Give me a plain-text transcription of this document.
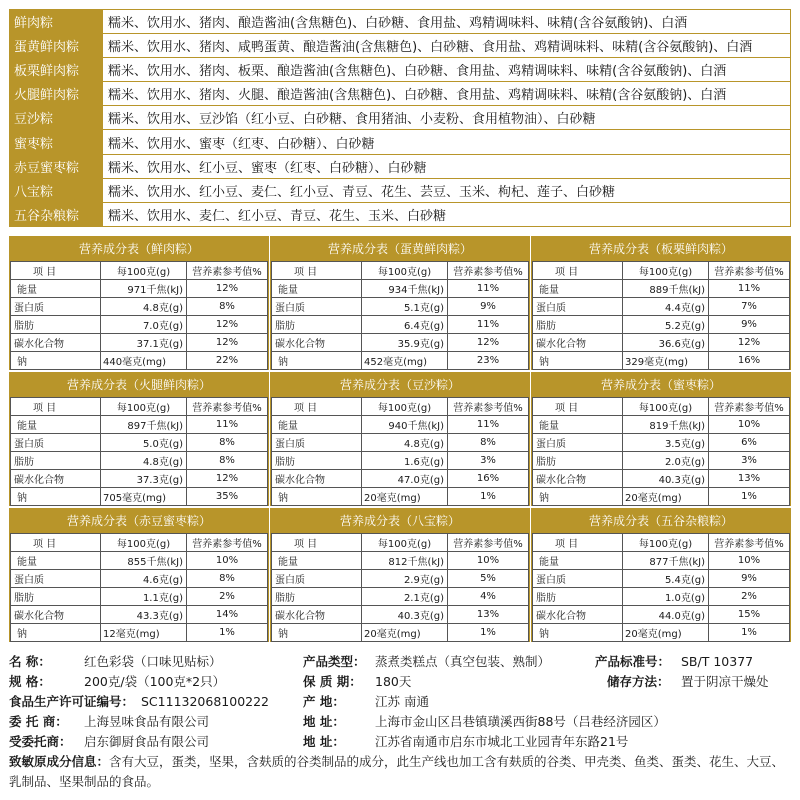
鲜肉粽	糯米、饮用水、猪肉、酿造酱油(含焦糖色)、白砂糖、食用盐、鸡精调味料、味精(含谷氨酸钠)、白酒
蛋黄鲜肉粽	糯米、饮用水、猪肉、咸鸭蛋黄、酿造酱油(含焦糖色)、白砂糖、食用盐、鸡精调味料、味精(含谷氨酸钠)、白酒
板栗鲜肉粽	糯米、饮用水、猪肉、板栗、酿造酱油(含焦糖色)、白砂糖、食用盐、鸡精调味料、味精(含谷氨酸钠)、白酒
火腿鲜肉粽	糯米、饮用水、猪肉、火腿、酿造酱油(含焦糖色)、白砂糖、食用盐、鸡精调味料、味精(含谷氨酸钠)、白酒
豆沙粽	糯米、饮用水、豆沙馅（红小豆、白砂糖、食用猪油、小麦粉、食用植物油）、白砂糖
蜜枣粽	糯米、饮用水、蜜枣（红枣、白砂糖）、白砂糖
赤豆蜜枣粽	糯米、饮用水、红小豆、蜜枣（红枣、白砂糖）、白砂糖
八宝粽	糯米、饮用水、红小豆、麦仁、红小豆、青豆、花生、芸豆、玉米、枸杞、莲子、白砂糖
五谷杂粮粽	糯米、饮用水、麦仁、红小豆、青豆、花生、玉米、白砂糖
营养成分表（鲜肉粽）
项 目	每100克(g)	营养素参考值%
能量	971千焦(kJ)	12%
蛋白质	4.8克(g)	8%
脂肪	7.0克(g)	12%
碳水化合物	37.1克(g)	12%
钠	440毫克(mg)	22%
营养成分表（蛋黄鲜肉粽）
项 目	每100克(g)	营养素参考值%
能量	934千焦(kJ)	11%
蛋白质	5.1克(g)	9%
脂肪	6.4克(g)	11%
碳水化合物	35.9克(g)	12%
钠	452毫克(mg)	23%
营养成分表（板栗鲜肉粽）
项 目	每100克(g)	营养素参考值%
能量	889千焦(kJ)	11%
蛋白质	4.4克(g)	7%
脂肪	5.2克(g)	9%
碳水化合物	36.6克(g)	12%
钠	329毫克(mg)	16%
营养成分表（火腿鲜肉粽）
项 目	每100克(g)	营养素参考值%
能量	897千焦(kJ)	11%
蛋白质	5.0克(g)	8%
脂肪	4.8克(g)	8%
碳水化合物	37.3克(g)	12%
钠	705毫克(mg)	35%
营养成分表（豆沙粽）
项 目	每100克(g)	营养素参考值%
能量	940千焦(kJ)	11%
蛋白质	4.8克(g)	8%
脂肪	1.6克(g)	3%
碳水化合物	47.0克(g)	16%
钠	20毫克(mg)	1%
营养成分表（蜜枣粽）
项 目	每100克(g)	营养素参考值%
能量	819千焦(kJ)	10%
蛋白质	3.5克(g)	6%
脂肪	2.0克(g)	3%
碳水化合物	40.3克(g)	13%
钠	20毫克(mg)	1%
营养成分表（赤豆蜜枣粽）
项 目	每100克(g)	营养素参考值%
能量	855千焦(kJ)	10%
蛋白质	4.6克(g)	8%
脂肪	1.1克(g)	2%
碳水化合物	43.3克(g)	14%
钠	12毫克(mg)	1%
营养成分表（八宝粽）
项 目	每100克(g)	营养素参考值%
能量	812千焦(kJ)	10%
蛋白质	2.9克(g)	5%
脂肪	2.1克(g)	4%
碳水化合物	40.3克(g)	13%
钠	20毫克(mg)	1%
营养成分表（五谷杂粮粽）
项 目	每100克(g)	营养素参考值%
能量	877千焦(kJ)	10%
蛋白质	5.4克(g)	9%
脂肪	1.0克(g)	2%
碳水化合物	44.0克(g)	15%
钠	20毫克(mg)	1%
名 称：	红色彩袋（口味见贴标）	产品类型： 蒸煮类糕点（真空包装、熟制）	产品标准号： SB/T 10377
规 格：	200克/袋（100克*2只）	保 质 期： 180天	储存方法： 置于阴凉干燥处
食品生产许可证编号： SC11132068100222	产 地： 江苏 南通
委 托 商： 上海昱味食品有限公司	地 址： 上海市金山区吕巷镇璜溪西街88号（吕巷经济园区）
受委托商： 启东御厨食品有限公司	地 址： 江苏省南通市启东市城北工业园青年东路21号
致敏原成分信息：含有大豆，蛋类，坚果，含麸质的谷类制品的成分，此生产线也加工含有麸质的谷类、甲壳类、鱼类、蛋类、花生、大豆、乳制品、坚果制品的食品。
